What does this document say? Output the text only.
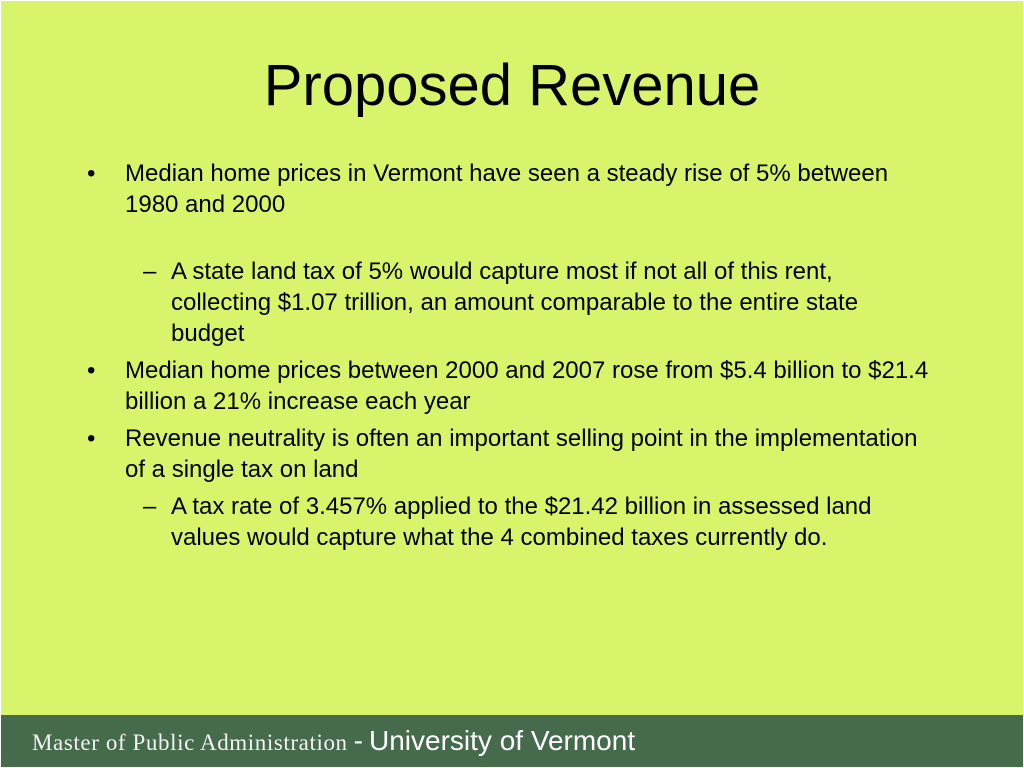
Proposed Revenue
• Median home prices in Vermont have seen a steady rise of 5% between 1980 and 2000
– A state land tax of 5% would capture most if not all of this rent, collecting $1.07 trillion, an amount comparable to the entire state budget
• Median home prices between 2000 and 2007 rose from $5.4 billion to $21.4 billion a 21% increase each year
• Revenue neutrality is often an important selling point in the implementation of a single tax on land
– A tax rate of 3.457% applied to the $21.42 billion in assessed land values would capture what the 4 combined taxes currently do.
Master of Public Administration - University of Vermont
